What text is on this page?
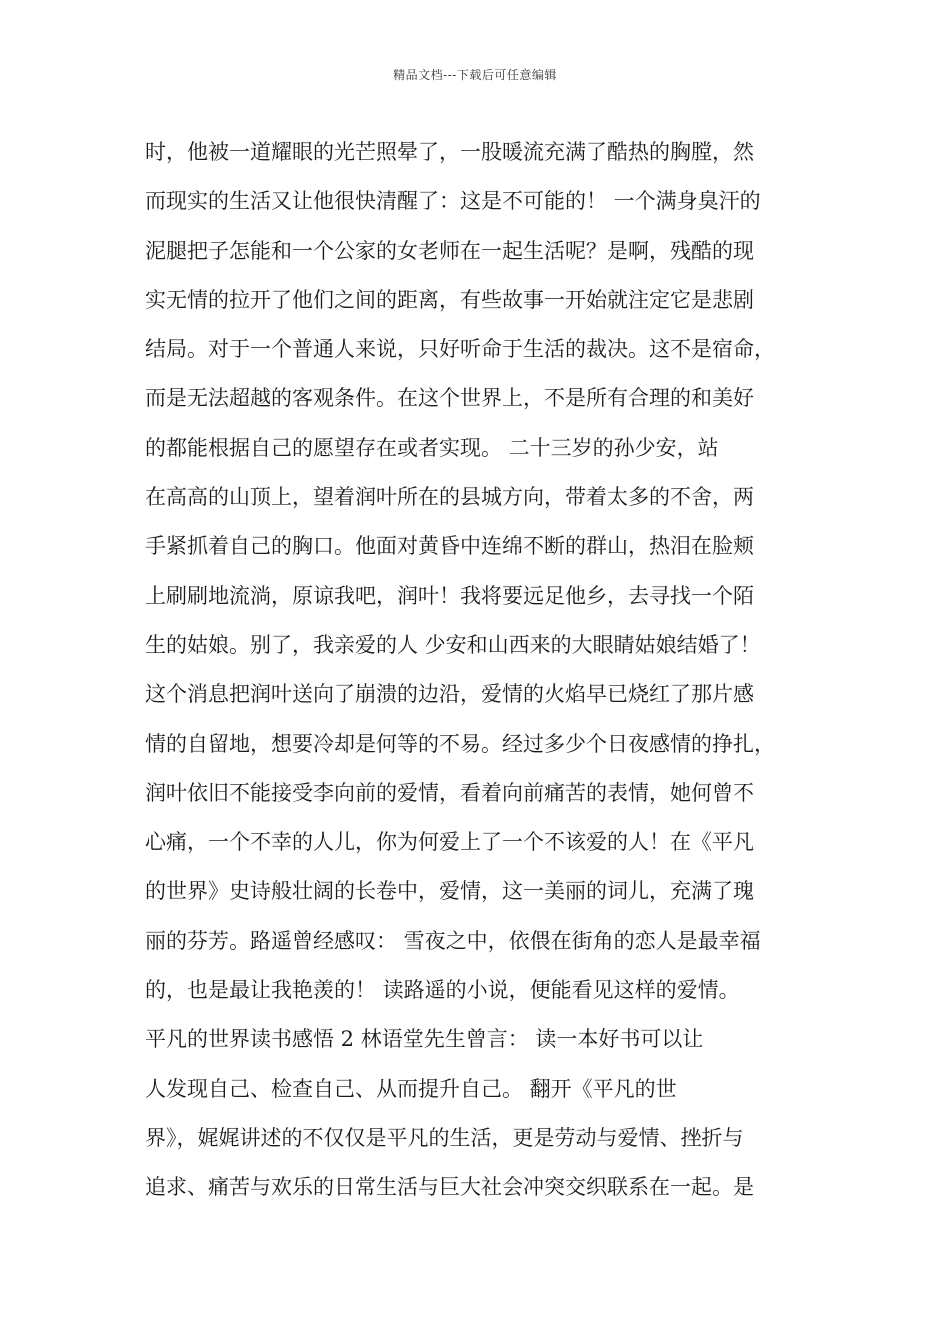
精品文档---下载后可任意编辑
时，他被一道耀眼的光芒照晕了，一股暖流充满了酷热的胸膛，然
而现实的生活又让他很快清醒了：这是不可能的！ 一个满身臭汗的
泥腿把子怎能和一个公家的女老师在一起生活呢？是啊，残酷的现
实无情的拉开了他们之间的距离，有些故事一开始就注定它是悲剧
结局。对于一个普通人来说，只好听命于生活的裁决。这不是宿命，
而是无法超越的客观条件。在这个世界上，不是所有合理的和美好
的都能根据自己的愿望存在或者实现。 二十三岁的孙少安，站
在高高的山顶上，望着润叶所在的县城方向，带着太多的不舍，两
手紧抓着自己的胸口。他面对黄昏中连绵不断的群山，热泪在脸颊
上刷刷地流淌，原谅我吧，润叶！我将要远足他乡，去寻找一个陌
生的姑娘。别了，我亲爱的人 少安和山西来的大眼睛姑娘结婚了！
这个消息把润叶送向了崩溃的边沿，爱情的火焰早已烧红了那片感
情的自留地，想要冷却是何等的不易。经过多少个日夜感情的挣扎，
润叶依旧不能接受李向前的爱情，看着向前痛苦的表情，她何曾不
心痛，一个不幸的人儿，你为何爱上了一个不该爱的人！在《平凡
的世界》史诗般壮阔的长卷中，爱情，这一美丽的词儿，充满了瑰
丽的芬芳。路遥曾经感叹： 雪夜之中，依偎在街角的恋人是最幸福
的，也是最让我艳羡的！ 读路遥的小说，便能看见这样的爱情。
平凡的世界读书感悟 2 林语堂先生曾言： 读一本好书可以让
人发现自己、检查自己、从而提升自己。 翻开《平凡的世
界》，娓娓讲述的不仅仅是平凡的生活，更是劳动与爱情、挫折与
追求、痛苦与欢乐的日常生活与巨大社会冲突交织联系在一起。是
